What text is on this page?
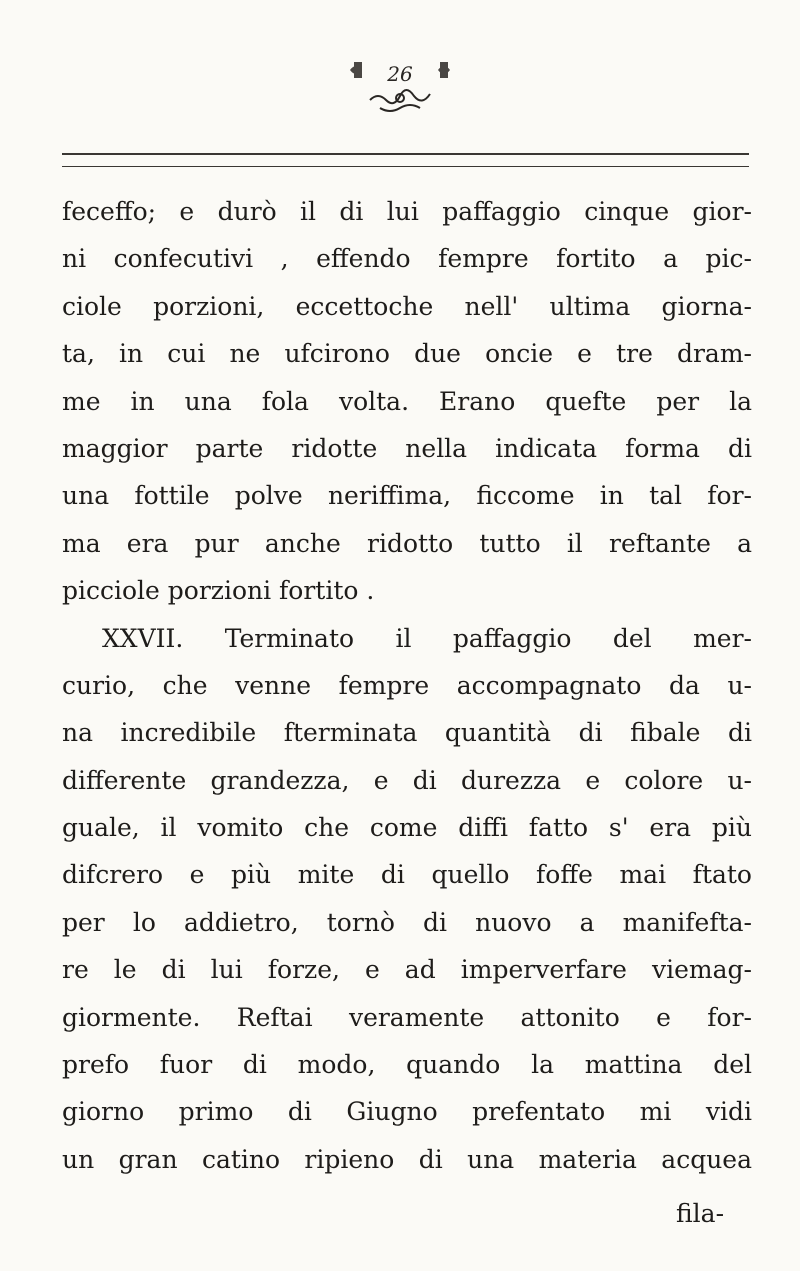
26
feceffo; e durò il di lui paffaggio cinque gior-
ni confecutivi , effendo fempre fortito a pic-
ciole porzioni, eccettoche nell' ultima giorna-
ta, in cui ne ufcirono due oncie e tre dram-
me in una fola volta. Erano quefte per la
maggior parte ridotte nella indicata forma di
una fottile polve neriffima, ficcome in tal for-
ma era pur anche ridotto tutto il reftante a
picciole porzioni fortito .
XXVII. Terminato il paffaggio del mer-
curio, che venne fempre accompagnato da u-
na incredibile fterminata quantità di fibale di
differente grandezza, e di durezza e colore u-
guale, il vomito che come diffi fatto s' era più
difcrero e più mite di quello foffe mai ftato
per lo addietro, tornò di nuovo a manifefta-
re le di lui forze, e ad imperverfare viemag-
giormente. Reftai veramente attonito e for-
prefo fuor di modo, quando la mattina del
giorno primo di Giugno prefentato mi vidi
un gran catino ripieno di una materia acquea
fila-
